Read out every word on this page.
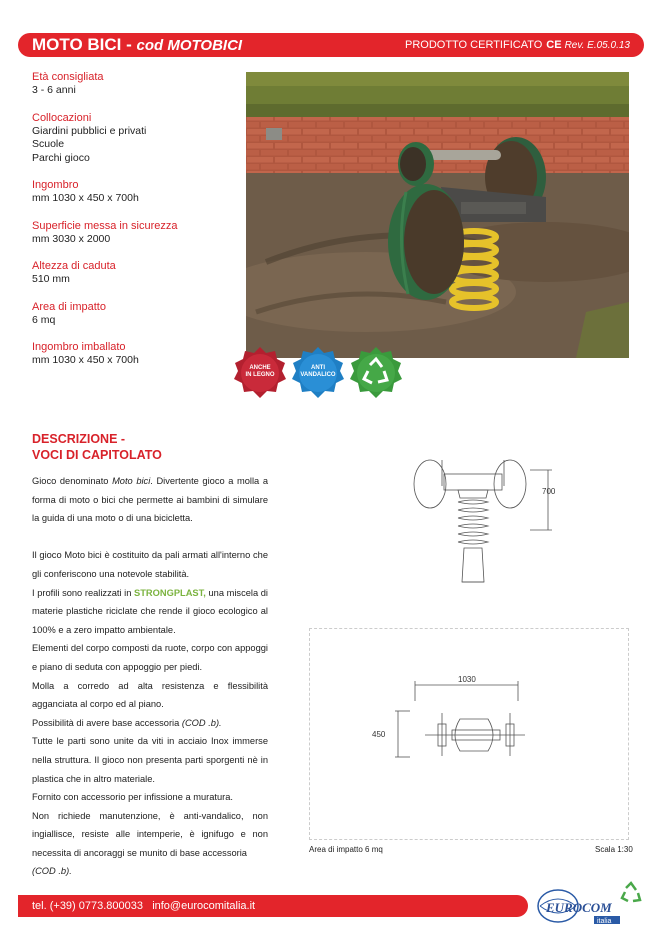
MOTO BICI - cod MOTOBICI	PRODOTTO CERTIFICATO CE Rev. E.05.0.13
Età consigliata
3 - 6 anni
Collocazioni
Giardini pubblici e privati
Scuole
Parchi gioco
Ingombro
mm 1030 x 450 x 700h
Superficie messa in sicurezza
mm 3030 x 2000
Altezza di caduta
510 mm
Area di impatto
6 mq
Ingombro imballato
mm 1030 x 450 x 700h
ANCHE
IN LEGNO
ANTI
VANDALICO
DESCRIZIONE -
VOCI DI CAPITOLATO

Gioco denominato Moto bici. Divertente gioco a molla a forma di moto o bici che permette ai bambini di simulare la guida di una moto o di una bicicletta.

Il gioco Moto bici è costituito da pali armati all'interno che gli conferiscono una notevole stabilità.

I profili sono realizzati in STRONGPLAST, una miscela di materie plastiche riciclate che rende il gioco ecologico al 100% e a zero impatto ambientale.

Elementi del corpo composti da ruote, corpo con appoggi e piano di seduta con appoggio per piedi.

Molla a corredo ad alta resistenza e flessibilità agganciata al corpo ed al piano.

Possibilità di avere base accessoria (COD .b).

Tutte le parti sono unite da viti in acciaio Inox immerse nella struttura. Il gioco non presenta parti sporgenti nè in plastica che in altro materiale.

Fornito con accessorio per infissione a muratura.

Non richiede manutenzione, è anti-vandalico, non ingiallisce, resiste alle intemperie, è ignifugo e non necessita di ancoraggi se munito di base accessoria

(COD .b).

700
1030
450
Area di impatto 6 mq	Scala 1:30
tel. (+39) 0773.800033 info@eurocomitalia.it	EUROCOM
italia
